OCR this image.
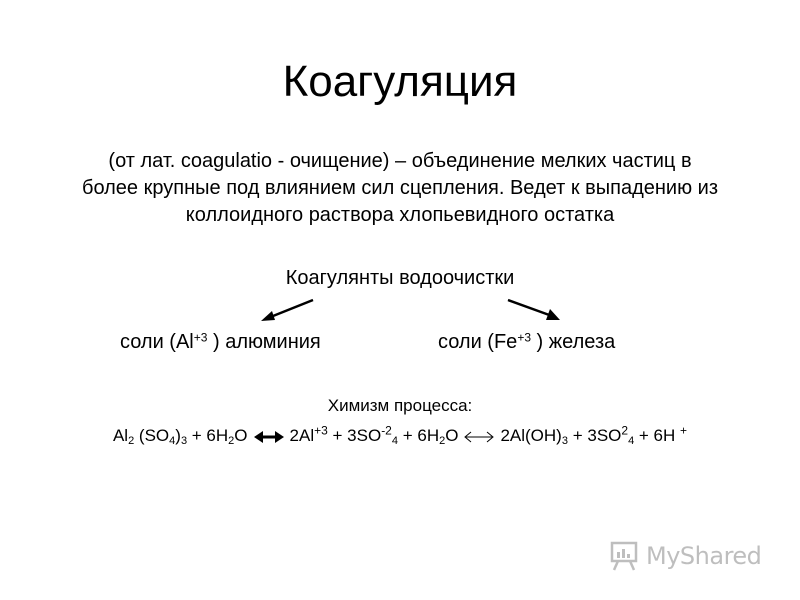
Коагуляция
(от лат. coagulatio - очищение) – объединение мелких частиц в
более крупные под влиянием сил сцепления. Ведет к выпадению из
коллоидного раствора хлопьевидного остатка
Коагулянты водоочистки
соли ($Al^{+3}$ ) алюминия	соли ($Fe^{+3}$ ) железа
Химизм процесса:
$Al_2$ $(SO_4)_3 + 6H_2O$ $2Al^{+3} + 3SO^{-2}_4 + 6H_2O$ $2Al(OH)_3 + 3SO^2_4 + 6H$ +
MyShared
